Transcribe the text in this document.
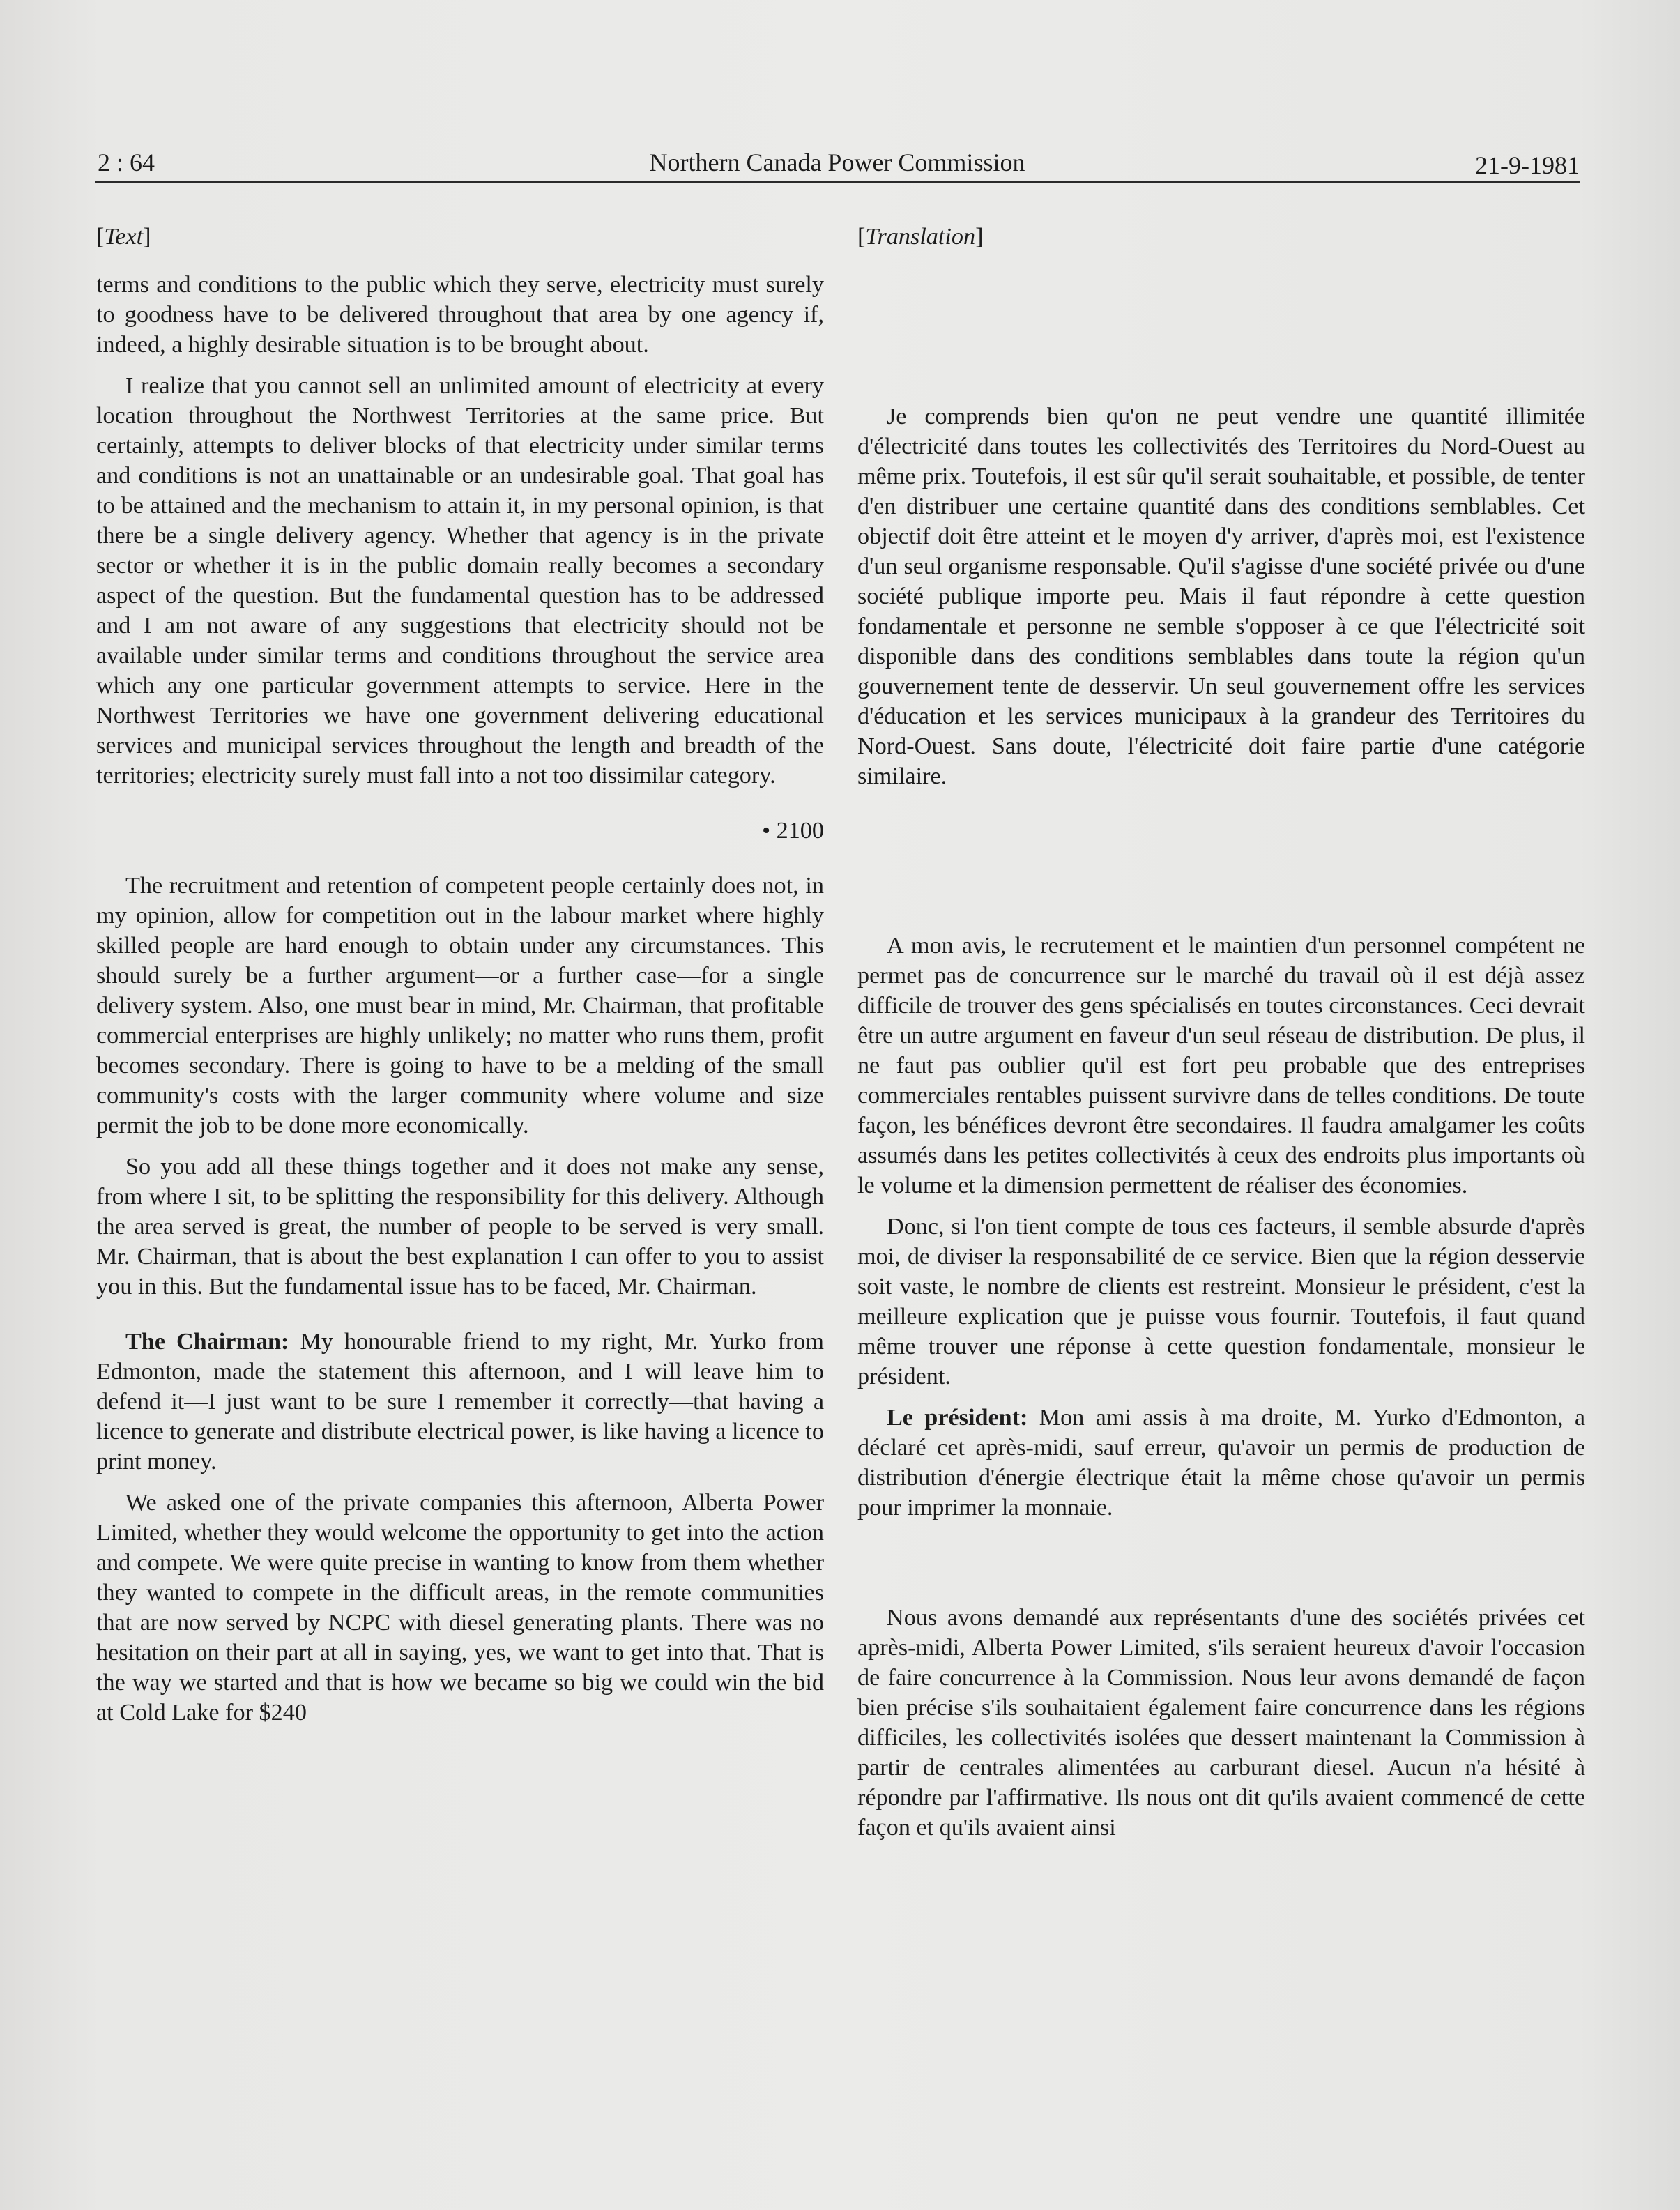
2 : 64	Northern Canada Power Commission	21-9-1981

[Text]

terms and conditions to the public which they serve, electricity must surely to goodness have to be delivered throughout that area by one agency if, indeed, a highly desirable situation is to be brought about.

I realize that you cannot sell an unlimited amount of electricity at every location throughout the Northwest Territories at the same price. But certainly, attempts to deliver blocks of that electricity under similar terms and conditions is not an unattainable or an undesirable goal. That goal has to be attained and the mechanism to attain it, in my personal opinion, is that there be a single delivery agency. Whether that agency is in the private sector or whether it is in the public domain really becomes a secondary aspect of the question. But the fundamental question has to be addressed and I am not aware of any suggestions that electricity should not be available under similar terms and conditions throughout the service area which any one particular government attempts to service. Here in the Northwest Territories we have one government delivering educational services and municipal services throughout the length and breadth of the territories; electricity surely must fall into a not too dissimilar category.

• 2100

The recruitment and retention of competent people certainly does not, in my opinion, allow for competition out in the labour market where highly skilled people are hard enough to obtain under any circumstances. This should surely be a further argument—or a further case—for a single delivery system. Also, one must bear in mind, Mr. Chairman, that profitable commercial enterprises are highly unlikely; no matter who runs them, profit becomes secondary. There is going to have to be a melding of the small community's costs with the larger community where volume and size permit the job to be done more economically.

So you add all these things together and it does not make any sense, from where I sit, to be splitting the responsibility for this delivery. Although the area served is great, the number of people to be served is very small. Mr. Chairman, that is about the best explanation I can offer to you to assist you in this. But the fundamental issue has to be faced, Mr. Chairman.

The Chairman: My honourable friend to my right, Mr. Yurko from Edmonton, made the statement this afternoon, and I will leave him to defend it—I just want to be sure I remember it correctly—that having a licence to generate and distribute electrical power, is like having a licence to print money.

We asked one of the private companies this afternoon, Alberta Power Limited, whether they would welcome the opportunity to get into the action and compete. We were quite precise in wanting to know from them whether they wanted to compete in the difficult areas, in the remote communities that are now served by NCPC with diesel generating plants. There was no hesitation on their part at all in saying, yes, we want to get into that. That is the way we started and that is how we became so big we could win the bid at Cold Lake for $240

[Translation]

Je comprends bien qu'on ne peut vendre une quantité illimitée d'électricité dans toutes les collectivités des Territoires du Nord-Ouest au même prix. Toutefois, il est sûr qu'il serait souhaitable, et possible, de tenter d'en distribuer une certaine quantité dans des conditions semblables. Cet objectif doit être atteint et le moyen d'y arriver, d'après moi, est l'existence d'un seul organisme responsable. Qu'il s'agisse d'une société privée ou d'une société publique importe peu. Mais il faut répondre à cette question fondamentale et personne ne semble s'opposer à ce que l'électricité soit disponible dans des conditions semblables dans toute la région qu'un gouvernement tente de desservir. Un seul gouvernement offre les services d'éducation et les services municipaux à la grandeur des Territoires du Nord-Ouest. Sans doute, l'électricité doit faire partie d'une catégorie similaire.

A mon avis, le recrutement et le maintien d'un personnel compétent ne permet pas de concurrence sur le marché du travail où il est déjà assez difficile de trouver des gens spécialisés en toutes circonstances. Ceci devrait être un autre argument en faveur d'un seul réseau de distribution. De plus, il ne faut pas oublier qu'il est fort peu probable que des entreprises commerciales rentables puissent survivre dans de telles conditions. De toute façon, les bénéfices devront être secondaires. Il faudra amalgamer les coûts assumés dans les petites collectivités à ceux des endroits plus importants où le volume et la dimension permettent de réaliser des économies.

Donc, si l'on tient compte de tous ces facteurs, il semble absurde d'après moi, de diviser la responsabilité de ce service. Bien que la région desservie soit vaste, le nombre de clients est restreint. Monsieur le président, c'est la meilleure explication que je puisse vous fournir. Toutefois, il faut quand même trouver une réponse à cette question fondamentale, monsieur le président.

Le président: Mon ami assis à ma droite, M. Yurko d'Edmonton, a déclaré cet après-midi, sauf erreur, qu'avoir un permis de production de distribution d'énergie électrique était la même chose qu'avoir un permis pour imprimer la monnaie.

Nous avons demandé aux représentants d'une des sociétés privées cet après-midi, Alberta Power Limited, s'ils seraient heureux d'avoir l'occasion de faire concurrence à la Commission. Nous leur avons demandé de façon bien précise s'ils souhaitaient également faire concurrence dans les régions difficiles, les collectivités isolées que dessert maintenant la Commission à partir de centrales alimentées au carburant diesel. Aucun n'a hésité à répondre par l'affirmative. Ils nous ont dit qu'ils avaient commencé de cette façon et qu'ils avaient ainsi
